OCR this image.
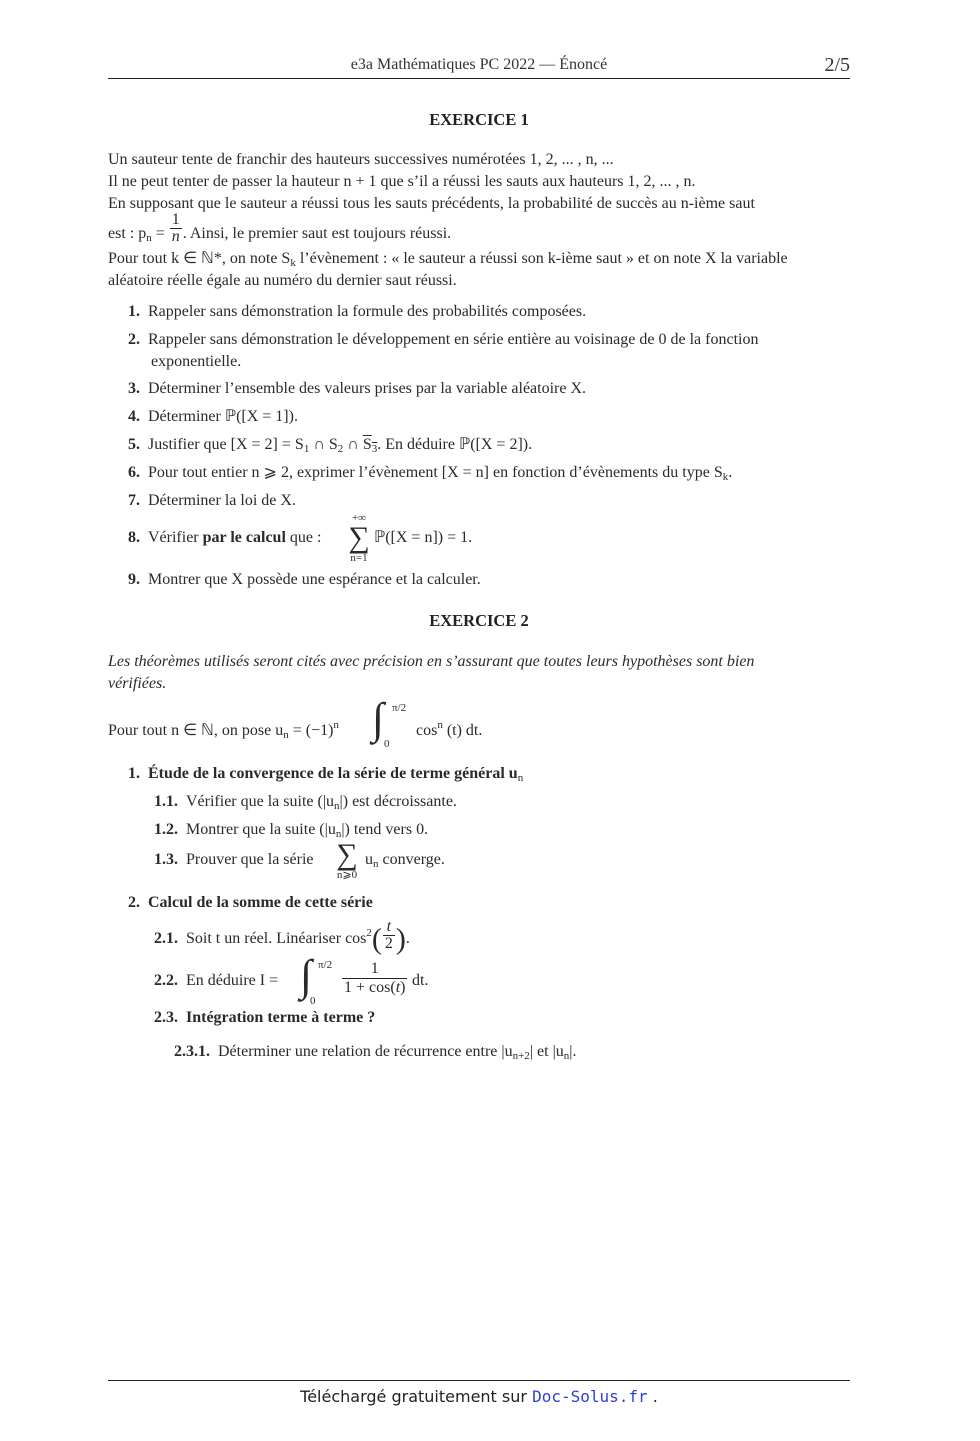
e3a Mathématiques PC 2022 — Énoncé	2/5
EXERCICE 1
Un sauteur tente de franchir des hauteurs successives numérotées 1, 2, ... , n, ...
Il ne peut tenter de passer la hauteur n + 1 que s’il a réussi les sauts aux hauteurs 1, 2, ... , n.
En supposant que le sauteur a réussi tous les sauts précédents, la probabilité de succès au n-ième saut
est : $p_n = \frac{1}{n}$ . Ainsi, le premier saut est toujours réussi.
Pour tout k ∈ ℕ*, on note $S_k$ l’évènement : « le sauteur a réussi son k-ième saut » et on note X la variable
aléatoire réelle égale au numéro du dernier saut réussi.
1. Rappeler sans démonstration la formule des probabilités composées.
2. Rappeler sans démonstration le développement en série entière au voisinage de 0 de la fonction
exponentielle.
3. Déterminer l’ensemble des valeurs prises par la variable aléatoire X.
4. Déterminer ℙ([X = 1]).
5. Justifier que $[X = 2] = S_1$ ∩ $S_2$ ∩ $S_3$. En déduire ℙ([X = 2]).
6. Pour tout entier n ⩾ 2, exprimer l’évènement [X = n] en fonction d’évènements du type $S_k$.
7. Déterminer la loi de X.
8. Vérifier par le calcul que :
+∞
∑
n=1
ℙ([X = n]) = 1.
9. Montrer que X possède une espérance et la calculer.
EXERCICE 2
Les théorèmes utilisés seront cités avec précision en s’assurant que toutes leurs hypothèses sont bien
vérifiées.
Pour tout n ∈ ℕ, on pose $u_n = (-1)^n$ ∫ π/2
0
$\cos^n (t)$ dt.
1. Étude de la convergence de la série de terme général $u_n$
1.1. Vérifier que la suite $(|u_n|)$ est décroissante.
1.2. Montrer que la suite $(|u_n|)$ tend vers 0.
1.3. Prouver que la série ∑
n⩾0
$u_n$ converge.
2. Calcul de la somme de cette série
2.1. Soit t un réel. Linéariser $\cos^2( \frac{t}{2}$ ).
2.2. En déduire I = ∫ π/2
0
1
1 + cos(t) dt.
2.3. Intégration terme à terme ?
2.3.1. Déterminer une relation de récurrence entre $|u_{n+2}|$ et $|u_n|$.
Téléchargé gratuitement sur Doc-Solus.fr .
